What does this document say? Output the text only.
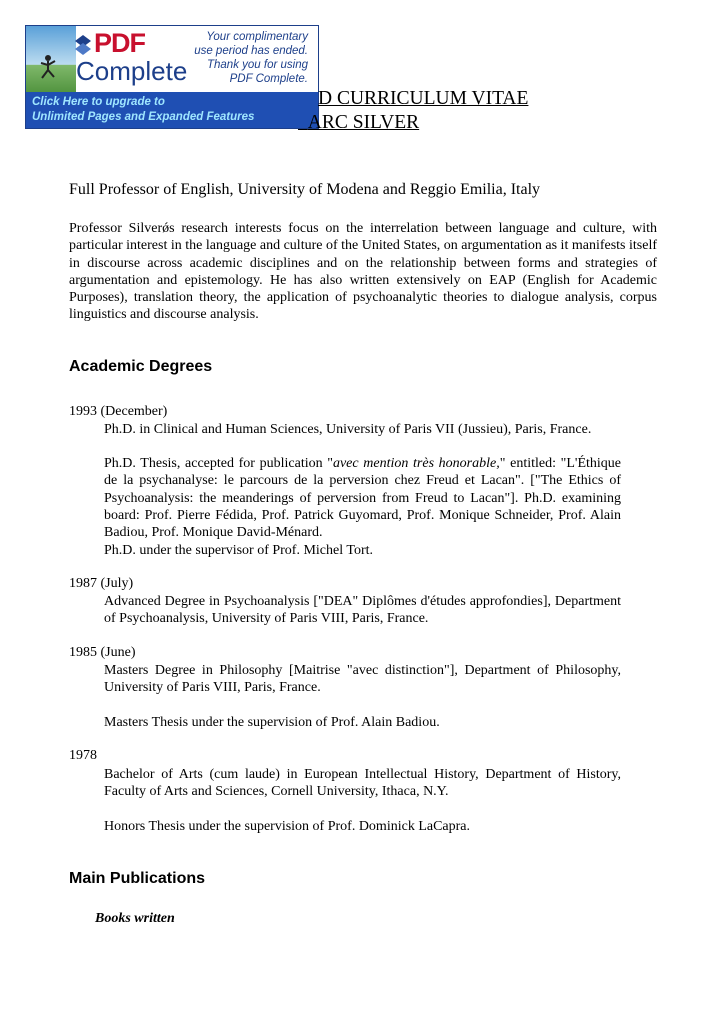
PDF
Complete
Your complimentary
use period has ended.
Thank you for using
PDF Complete.
Click Here to upgrade to
Unlimited Pages and Expanded Features
D CURRICULUM VITAE
ARC SILVER
Full Professor of English, University of Modena and Reggio Emilia, Italy
Professor Silverǿs research interests focus on the interrelation between language and culture, with particular interest in the language and culture of the United States, on argumentation as it manifests itself in discourse across academic disciplines and on the relationship between forms and strategies of argumentation and epistemology. He has also written extensively on EAP (English for Academic Purposes), translation theory, the application of psychoanalytic theories to dialogue analysis, corpus linguistics and discourse analysis.
Academic Degrees
1993 (December)
Ph.D. in Clinical and Human Sciences, University of Paris VII (Jussieu), Paris, France.
Ph.D. Thesis, accepted for publication "avec mention très honorable," entitled: "L'Éthique de la psychanalyse: le parcours de la perversion chez Freud et Lacan". ["The Ethics of Psychoanalysis: the meanderings of perversion from Freud to Lacan"]. Ph.D. examining board: Prof. Pierre Fédida, Prof. Patrick Guyomard, Prof. Monique Schneider, Prof. Alain Badiou, Prof. Monique David-Ménard.
Ph.D. under the supervisor of Prof. Michel Tort.
1987 (July)
Advanced Degree in Psychoanalysis ["DEA" Diplômes d'études approfondies], Department of Psychoanalysis, University of Paris VIII, Paris, France.
1985 (June)
Masters Degree in Philosophy [Maitrise "avec distinction"], Department of Philosophy, University of Paris VIII, Paris, France.
Masters Thesis under the supervision of Prof. Alain Badiou.
1978
Bachelor of Arts (cum laude) in European Intellectual History, Department of History, Faculty of Arts and Sciences, Cornell University, Ithaca, N.Y.
Honors Thesis under the supervision of Prof. Dominick LaCapra.
Main Publications
Books written
